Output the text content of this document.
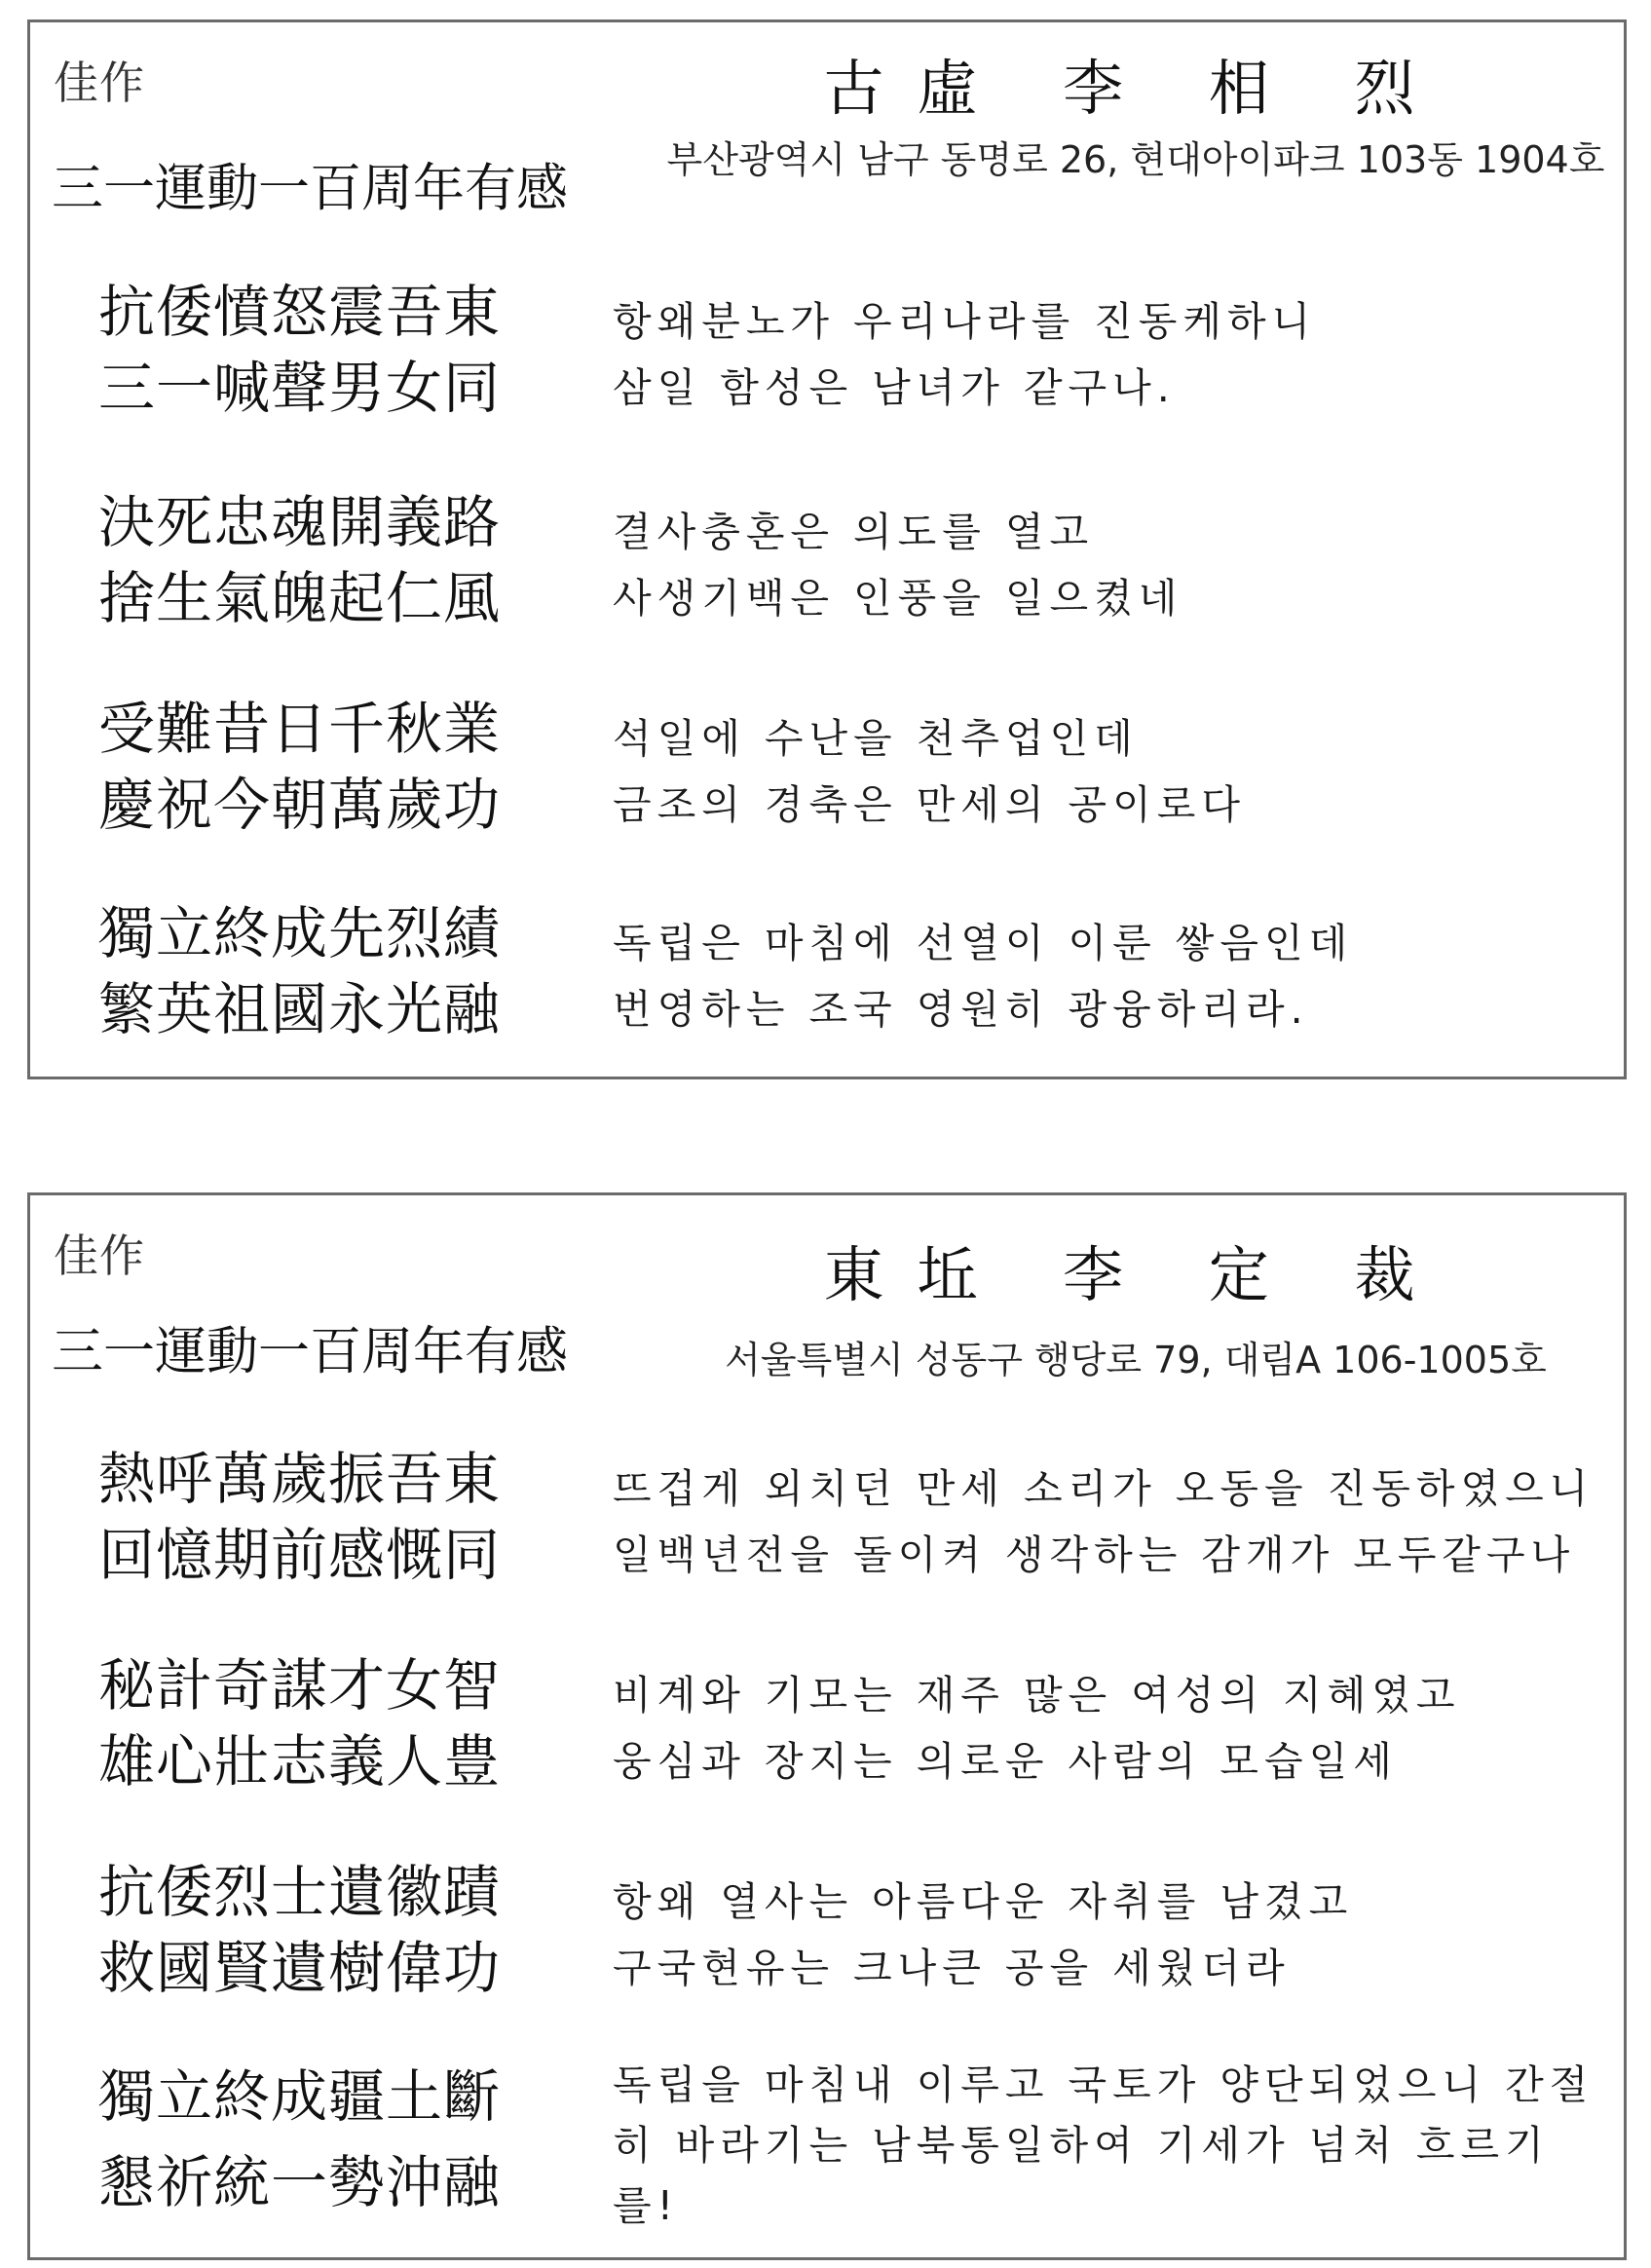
佳作
三一運動一百周年有感
古虛 李 相 烈
부산광역시 남구 동명로 26, 현대아이파크 103동 1904호
抗倭憤怒震吾東
三一喊聲男女同
항왜분노가 우리나라를 진동케하니
삼일 함성은 남녀가 같구나.
決死忠魂開義路
捨生氣魄起仁風
결사충혼은 의도를 열고
사생기백은 인풍을 일으켰네
受難昔日千秋業
慶祝今朝萬歲功
석일에 수난을 천추업인데
금조의 경축은 만세의 공이로다
獨立終成先烈績
繁英祖國永光融
독립은 마침에 선열이 이룬 쌓음인데
번영하는 조국 영원히 광융하리라.
佳作
三一運動一百周年有感
東坵 李 定 裁
서울특별시 성동구 행당로 79, 대림A 106-1005호
熱呼萬歲振吾東
回憶期前感慨同
뜨겁게 외치던 만세 소리가 오동을 진동하였으니
일백년전을 돌이켜 생각하는 감개가 모두같구나
秘計奇謀才女智
雄心壯志義人豊
비계와 기모는 재주 많은 여성의 지혜였고
웅심과 장지는 의로운 사람의 모습일세
抗倭烈士遺徽蹟
救國賢遺樹偉功
항왜 열사는 아름다운 자취를 남겼고
구국현유는 크나큰 공을 세웠더라
獨立終成疆土斷
懇祈統一勢沖融
독립을 마침내 이루고 국토가 양단되었으니 간절히 바라기는 남북통일하여 기세가 넘처 흐르기를!
